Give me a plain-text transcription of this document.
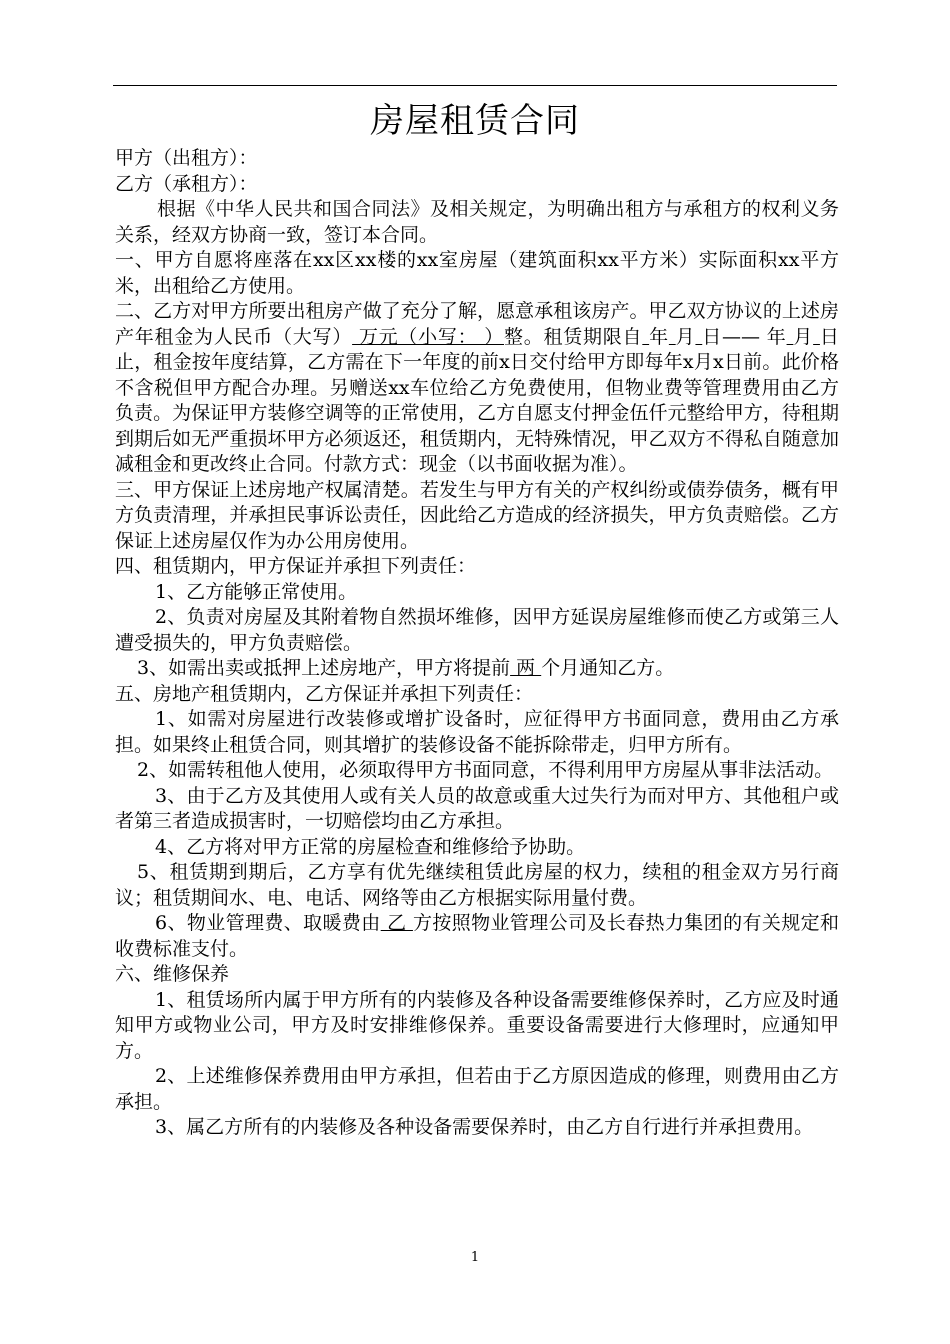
房屋租赁合同

甲方（出租方）：

乙方（承租方）：

根据《中华人民共和国合同法》及相关规定，为明确出租方与承租方的权利义务关系，经双方协商一致，签订本合同。

一、甲方自愿将座落在xx区xx楼的xx室房屋（建筑面积xx平方米）实际面积xx平方米，出租给乙方使用。

二、乙方对甲方所要出租房产做了充分了解，愿意承租该房产。甲乙双方协议的上述房产年租金为人民币（大写） 万元（小写： ）整。租赁期限自 年 月 日—— 年 月 日止，租金按年度结算，乙方需在下一年度的前x日交付给甲方即每年x月x日前。此价格不含税但甲方配合办理。另赠送xx车位给乙方免费使用，但物业费等管理费用由乙方负责。为保证甲方装修空调等的正常使用，乙方自愿支付押金伍仟元整给甲方，待租期到期后如无严重损坏甲方必须返还，租赁期内，无特殊情况，甲乙双方不得私自随意加减租金和更改终止合同。付款方式：现金（以书面收据为准）。

三、甲方保证上述房地产权属清楚。若发生与甲方有关的产权纠纷或债券债务，概有甲方负责清理，并承担民事诉讼责任，因此给乙方造成的经济损失，甲方负责赔偿。乙方保证上述房屋仅作为办公用房使用。

四、租赁期内，甲方保证并承担下列责任：

1、乙方能够正常使用。

2、负责对房屋及其附着物自然损坏维修，因甲方延误房屋维修而使乙方或第三人遭受损失的，甲方负责赔偿。

3、如需出卖或抵押上述房地产，甲方将提前 两 个月通知乙方。

五、房地产租赁期内，乙方保证并承担下列责任：

1、如需对房屋进行改装修或增扩设备时，应征得甲方书面同意，费用由乙方承担。如果终止租赁合同，则其增扩的装修设备不能拆除带走，归甲方所有。

2、如需转租他人使用，必须取得甲方书面同意，不得利用甲方房屋从事非法活动。

3、由于乙方及其使用人或有关人员的故意或重大过失行为而对甲方、其他租户或者第三者造成损害时，一切赔偿均由乙方承担。

4、乙方将对甲方正常的房屋检查和维修给予协助。

5、租赁期到期后，乙方享有优先继续租赁此房屋的权力，续租的租金双方另行商议；租赁期间水、电、电话、网络等由乙方根据实际用量付费。

6、物业管理费、取暖费由 乙 方按照物业管理公司及长春热力集团的有关规定和收费标准支付。

六、维修保养

1、租赁场所内属于甲方所有的内装修及各种设备需要维修保养时，乙方应及时通知甲方或物业公司，甲方及时安排维修保养。重要设备需要进行大修理时，应通知甲方。

2、上述维修保养费用由甲方承担，但若由于乙方原因造成的修理，则费用由乙方承担。

3、属乙方所有的内装修及各种设备需要保养时，由乙方自行进行并承担费用。

1
